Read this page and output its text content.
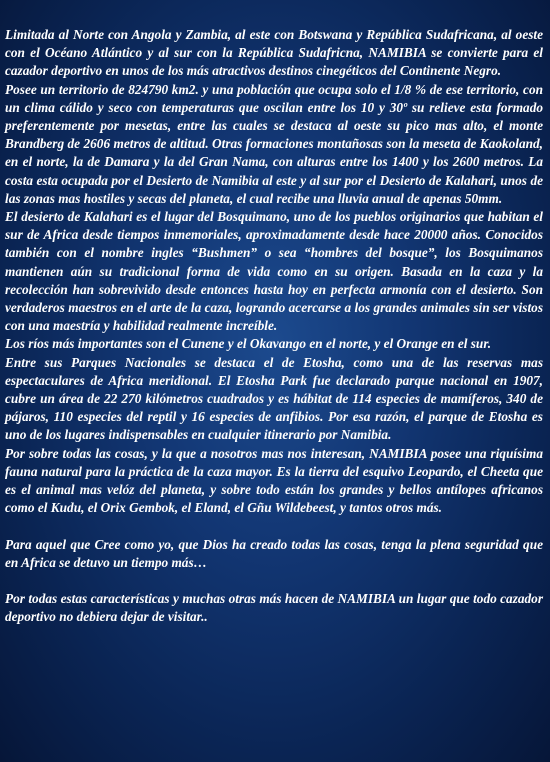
Limitada al Norte con Angola y Zambia, al este con Botswana y República Sudafricana, al oeste con el Océano Atlántico y al sur con la República Sudafricna, NAMIBIA se convierte para el cazador deportivo en unos de los más atractivos destinos cinegéticos del Continente Negro.

Posee un territorio de 824790 km2. y una población que ocupa solo el 1/8 % de ese territorio, con un clima cálido y seco con temperaturas que oscilan entre los 10 y 30º su relieve esta formado preferentemente por mesetas, entre las cuales se destaca al oeste su pico mas alto, el monte Brandberg de 2606 metros de altitud. Otras formaciones montañosas son la meseta de Kaokoland, en el norte, la de Damara y la del Gran Nama, con alturas entre los 1400 y los 2600 metros. La costa esta ocupada por el Desierto de Namibia al este y al sur por el Desierto de Kalahari, unos de las zonas mas hostiles y secas del planeta, el cual recibe una lluvia anual de apenas 50mm.

El desierto de Kalahari es el lugar del Bosquimano, uno de los pueblos originarios que habitan el sur de Africa desde tiempos inmemoriales, aproximadamente desde hace 20000 años. Conocidos también con el nombre ingles “Bushmen” o sea “hombres del bosque”, los Bosquimanos mantienen aún su tradicional forma de vida como en su origen. Basada en la caza y la recolección han sobrevivido desde entonces hasta hoy en perfecta armonía con el desierto. Son verdaderos maestros en el arte de la caza, logrando acercarse a los grandes animales sin ser vistos con una maestría y habilidad realmente increíble.

Los ríos más importantes son el Cunene y el Okavango en el norte, y el Orange en el sur.

Entre sus Parques Nacionales se destaca el de Etosha, como una de las reservas mas espectaculares de Africa meridional. El Etosha Park fue declarado parque nacional en 1907, cubre un área de 22 270 kilómetros cuadrados y es hábitat de 114 especies de mamíferos, 340 de pájaros, 110 especies del reptil y 16 especies de anfibios. Por esa razón, el parque de Etosha es uno de los lugares indispensables en cualquier itinerario por Namibia.

Por sobre todas las cosas, y la que a nosotros mas nos interesan, NAMIBIA posee una riquísima fauna natural para la práctica de la caza mayor. Es la tierra del esquivo Leopardo, el Cheeta que es el animal mas velóz del planeta, y sobre todo están los grandes y bellos antílopes africanos como el Kudu, el Orix Gembok, el Eland, el Gñu Wildebeest, y tantos otros más.

Para aquel que Cree como yo, que Dios ha creado todas las cosas, tenga la plena seguridad que en Africa se detuvo un tiempo más…

Por todas estas características y muchas otras más hacen de NAMIBIA un lugar que todo cazador deportivo no debiera dejar de visitar..
